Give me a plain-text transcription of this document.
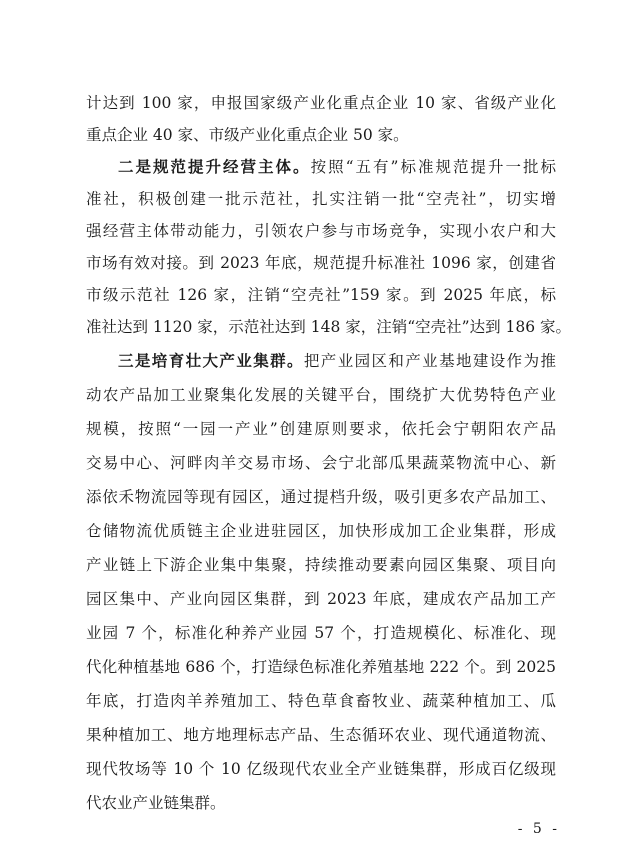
计达到 100 家，申报国家级产业化重点企业 10 家、省级产业化
重点企业 40 家、市级产业化重点企业 50 家。
二是规范提升经营主体。按照“五有”标准规范提升一批标
准社，积极创建一批示范社，扎实注销一批“空壳社”，切实增
强经营主体带动能力，引领农户参与市场竞争，实现小农户和大
市场有效对接。到 2023 年底，规范提升标准社 1096 家，创建省
市级示范社 126 家，注销“空壳社”159 家。到 2025 年底，标
准社达到 1120 家，示范社达到 148 家，注销“空壳社”达到 186 家。
三是培育壮大产业集群。把产业园区和产业基地建设作为推
动农产品加工业聚集化发展的关键平台，围绕扩大优势特色产业
规模，按照“一园一产业”创建原则要求，依托会宁朝阳农产品
交易中心、河畔肉羊交易市场、会宁北部瓜果蔬菜物流中心、新
添依禾物流园等现有园区，通过提档升级，吸引更多农产品加工、
仓储物流优质链主企业进驻园区，加快形成加工企业集群，形成
产业链上下游企业集中集聚，持续推动要素向园区集聚、项目向
园区集中、产业向园区集群，到 2023 年底，建成农产品加工产
业园 7 个，标准化种养产业园 57 个，打造规模化、标准化、现
代化种植基地 686 个，打造绿色标准化养殖基地 222 个。到 2025
年底，打造肉羊养殖加工、特色草食畜牧业、蔬菜种植加工、瓜
果种植加工、地方地理标志产品、生态循环农业、现代通道物流、
现代牧场等 10 个 10 亿级现代农业全产业链集群，形成百亿级现
代农业产业链集群。
- 5 -
